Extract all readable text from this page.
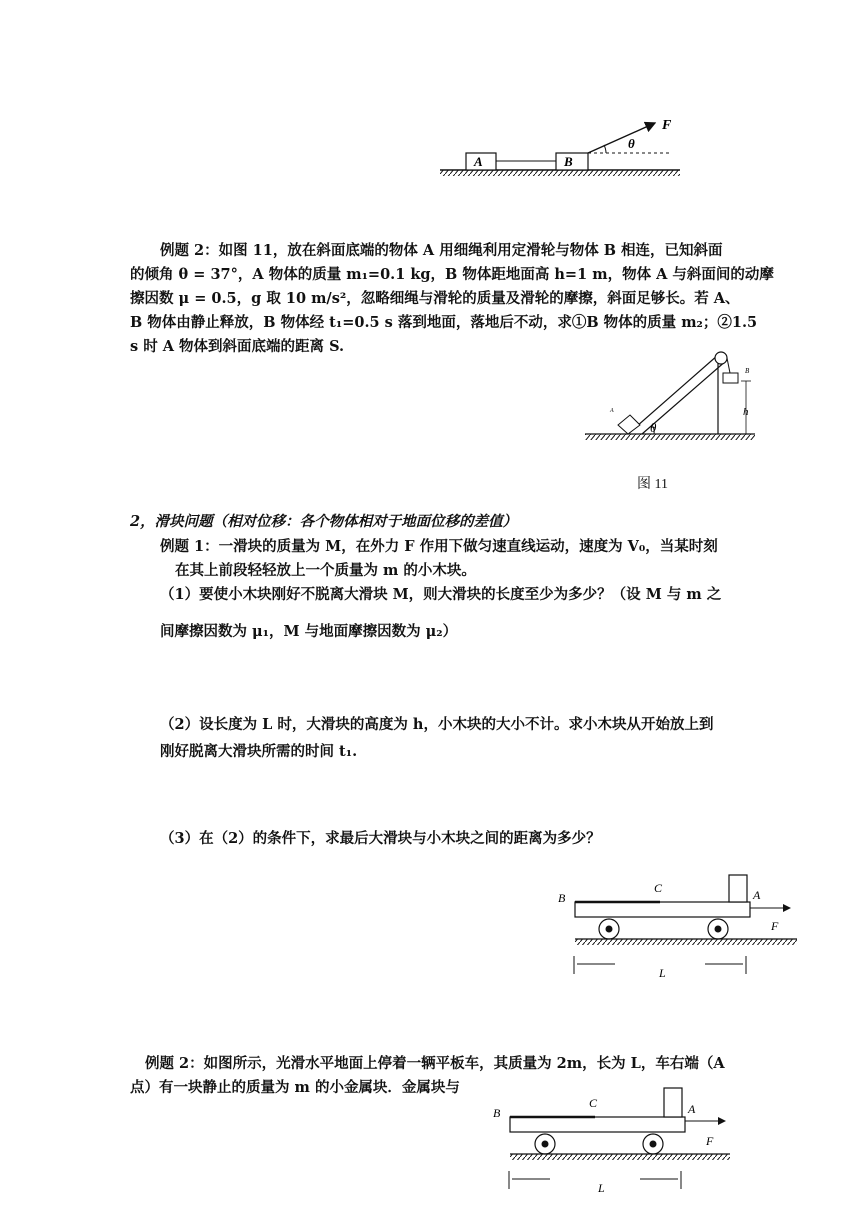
A	B
F
θ
例题 2：如图 11，放在斜面底端的物体 A 用细绳利用定滑轮与物体 B 相连，已知斜面
的倾角 θ = 37°，A 物体的质量 m₁=0.1 kg，B 物体距地面高 h=1 m，物体 A 与斜面间的动摩
擦因数 μ = 0.5，g 取 10 m/s²，忽略细绳与滑轮的质量及滑轮的摩擦，斜面足够长。若 A、
B 物体由静止释放，B 物体经 t₁=0.5 s 落到地面，落地后不动，求①B 物体的质量 m₂；②1.5
s 时 A 物体到斜面底端的距离 S.
A
B
h
θ
图 11
2，滑块问题（相对位移：各个物体相对于地面位移的差值）
例题 1：一滑块的质量为 M，在外力 F 作用下做匀速直线运动，速度为 V₀，当某时刻
在其上前段轻轻放上一个质量为 m 的小木块。
（1）要使小木块刚好不脱离大滑块 M，则大滑块的长度至少为多少？（设 M 与 m 之
间摩擦因数为 μ₁，M 与地面摩擦因数为 μ₂）
（2）设长度为 L 时，大滑块的高度为 h，小木块的大小不计。求小木块从开始放上到
刚好脱离大滑块所需的时间 t₁.
（3）在（2）的条件下，求最后大滑块与小木块之间的距离为多少？
B
C	A
F
L
例题 2：如图所示，光滑水平地面上停着一辆平板车，其质量为 2m，长为 L，车右端（A
点）有一块静止的质量为 m 的小金属块．金属块与
B
C	A
F
L
